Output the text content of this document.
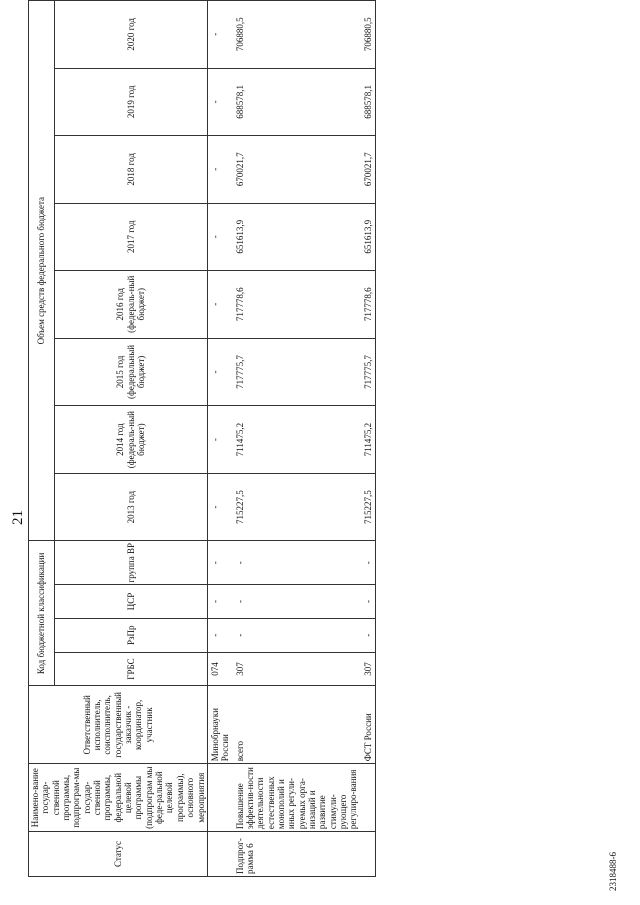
21
2318488-6
Статус	Наимено-вание государ-ственной программы, подпрограм-мы государ-ственной программы, федеральной целевой программы (подпрограм мы феде-ральной целевой программы), основного мероприятия	Ответственный исполнитель, соисполнитель, государственный заказчик - координатор, участник	Код бюджетной классификации				Объем средств федерального бюджета							
			ГРБС	РзПр	ЦСР	группа ВР	2013 год	2014 год (федераль-ный бюджет)	2015 год (федеральный бюджет)	2016 год (федераль-ный бюджет)	2017 год	2018 год	2019 год	2020 год
		Минобрнауки России	074	-	-	-	-	-	-	-	-	-	-	-
Подпрог-рамма 6	Повышение эффектив-ности деятельности естественных монополий и иных регули-руемых орга-низаций и развитие стимули-рующего регулиро-вания	всего	307	-	-	-	715227,5	711475,2	717775,7	717778,6	651613,9	670021,7	688578,1	706880,5
		ФСТ России	307	-	-	-	715227,5	711475,2	717775,7	717778,6	651613,9	670021,7	688578,1	706880,5
